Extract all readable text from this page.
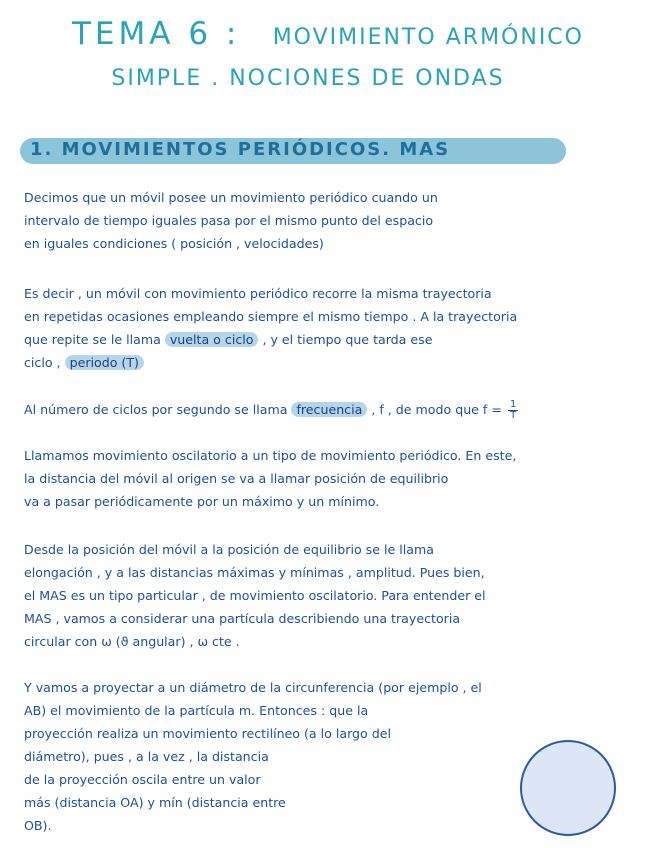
TEMA 6 : MOVIMIENTO ARMÓNICO
SIMPLE . NOCIONES DE ONDAS
1. MOVIMIENTOS PERIÓDICOS. MAS
Decimos que un móvil posee un movimiento periódico cuando un
intervalo de tiempo iguales pasa por el mismo punto del espacio
en iguales condiciones ( posición , velocidades)
Es decir , un móvil con movimiento periódico recorre la misma trayectoria
en repetidas ocasiones empleando siempre el mismo tiempo . A la trayectoria
que repite se le llama vuelta o ciclo , y el tiempo que tarda ese
ciclo , periodo (T)
Al número de ciclos por segundo se llama frecuencia , f , de modo que $f = \frac{1}{T}$
Llamamos movimiento oscilatorio a un tipo de movimiento periódico. En este,
la distancia del móvil al origen se va a llamar posición de equilibrio
va a pasar periódicamente por un máximo y un mínimo.
Desde la posición del móvil a la posición de equilibrio se le llama
elongación , y a las distancias máximas y mínimas , amplitud. Pues bien,
el MAS es un tipo particular , de movimiento oscilatorio. Para entender el
MAS , vamos a considerar una partícula describiendo una trayectoria
circular con ω (ϑ angular) , ω cte .
Y vamos a proyectar a un diámetro de la circunferencia (por ejemplo , el
AB) el movimiento de la partícula m. Entonces : que la
proyección realiza un movimiento rectilíneo (a lo largo del
diámetro), pues , a la vez , la distancia
de la proyección oscila entre un valor
más (distancia OA) y mín (distancia entre
OB).
